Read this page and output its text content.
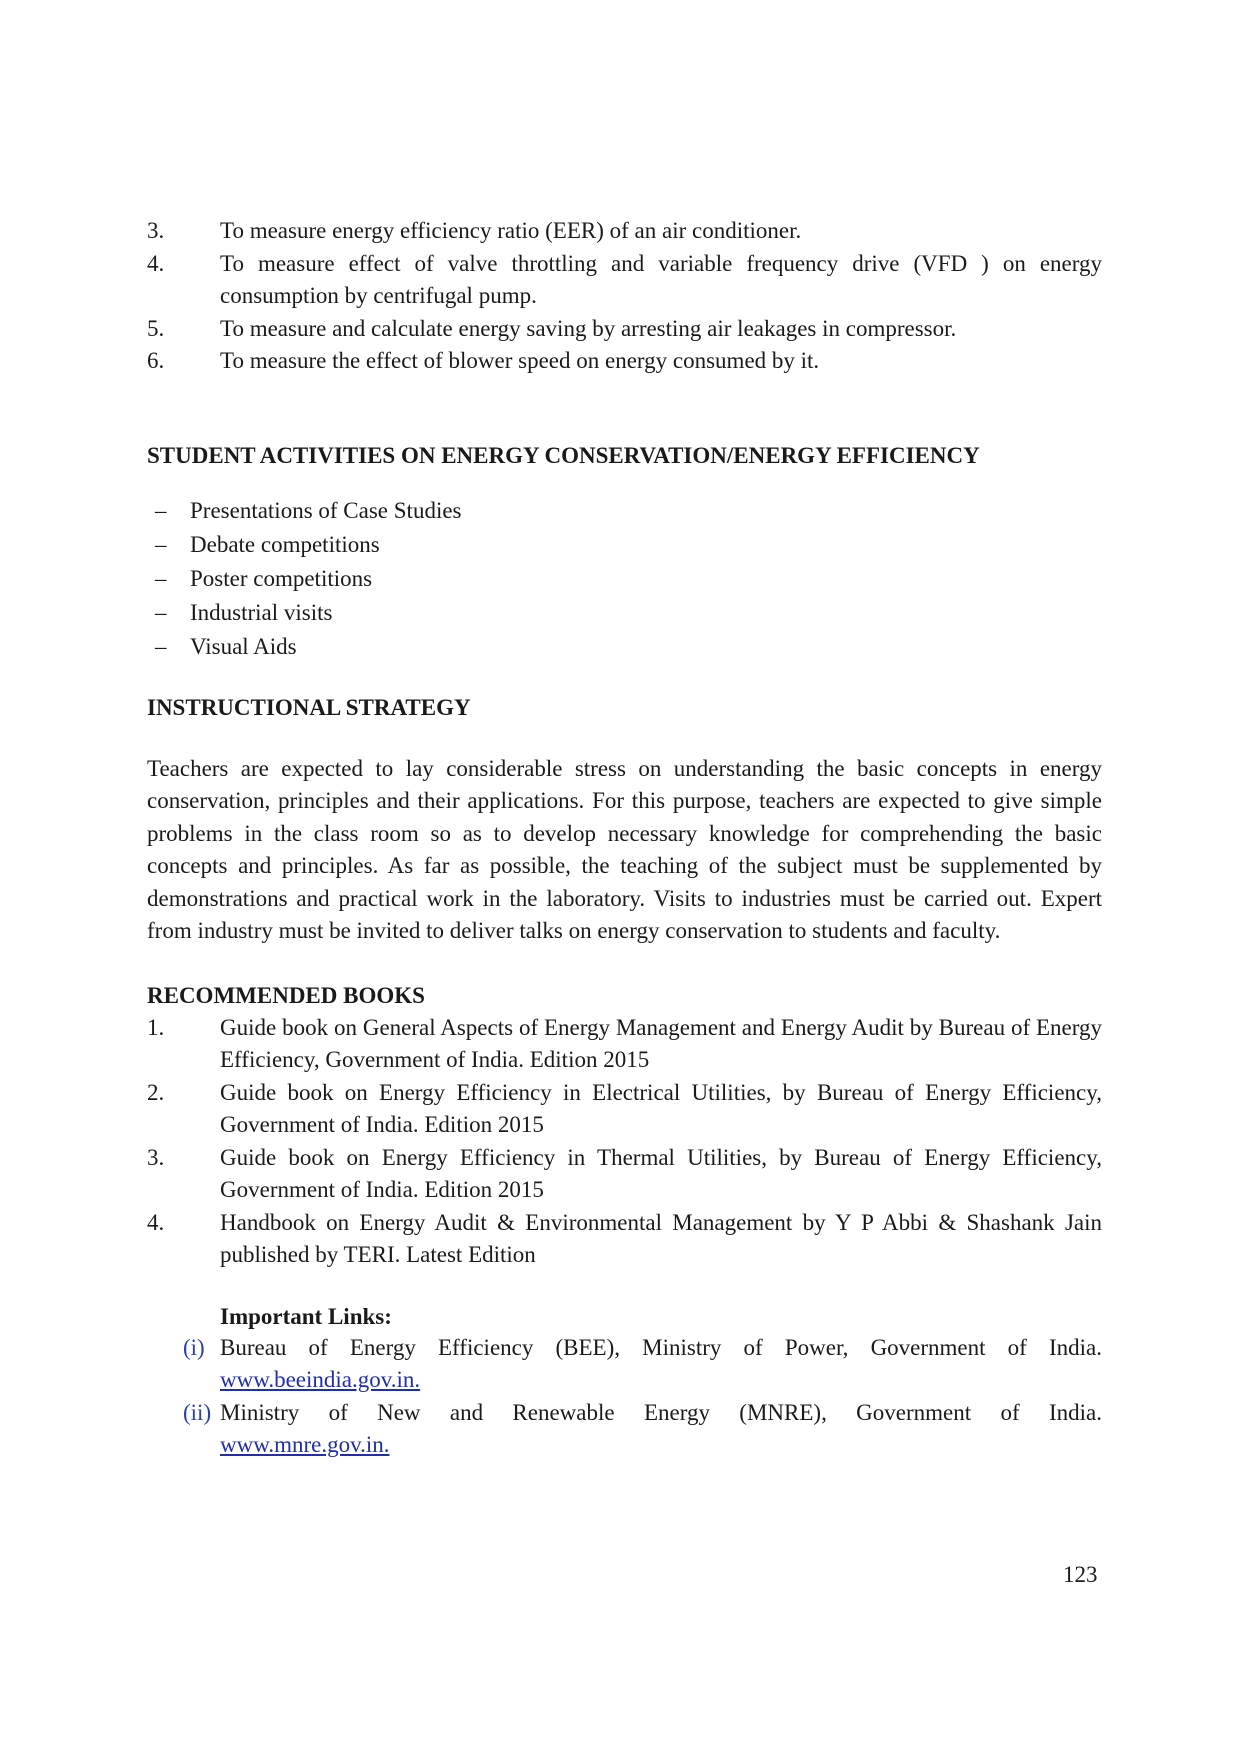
3. To measure energy efficiency ratio (EER) of an air conditioner.
4. To measure effect of valve throttling and variable frequency drive (VFD ) on energy consumption by centrifugal pump.
5. To measure and calculate energy saving by arresting air leakages in compressor.
6. To measure the effect of blower speed on energy consumed by it.
STUDENT ACTIVITIES ON ENERGY CONSERVATION/ENERGY EFFICIENCY
– Presentations of Case Studies
– Debate competitions
– Poster competitions
– Industrial visits
– Visual Aids
INSTRUCTIONAL STRATEGY

Teachers are expected to lay considerable stress on understanding the basic concepts in energy conservation, principles and their applications. For this purpose, teachers are expected to give simple problems in the class room so as to develop necessary knowledge for comprehending the basic concepts and principles. As far as possible, the teaching of the subject must be supplemented by demonstrations and practical work in the laboratory. Visits to industries must be carried out. Expert from industry must be invited to deliver talks on energy conservation to students and faculty.

RECOMMENDED BOOKS
1. Guide book on General Aspects of Energy Management and Energy Audit by Bureau of Energy Efficiency, Government of India. Edition 2015
2. Guide book on Energy Efficiency in Electrical Utilities, by Bureau of Energy Efficiency, Government of India. Edition 2015
3. Guide book on Energy Efficiency in Thermal Utilities, by Bureau of Energy Efficiency, Government of India. Edition 2015
4. Handbook on Energy Audit & Environmental Management by Y P Abbi & Shashank Jain published by TERI. Latest Edition
Important Links:
(i) Bureau of Energy Efficiency (BEE), Ministry of Power, Government of India.
www.beeindia.gov.in.
(ii) Ministry of New and Renewable Energy (MNRE), Government of India.
www.mnre.gov.in.
123
